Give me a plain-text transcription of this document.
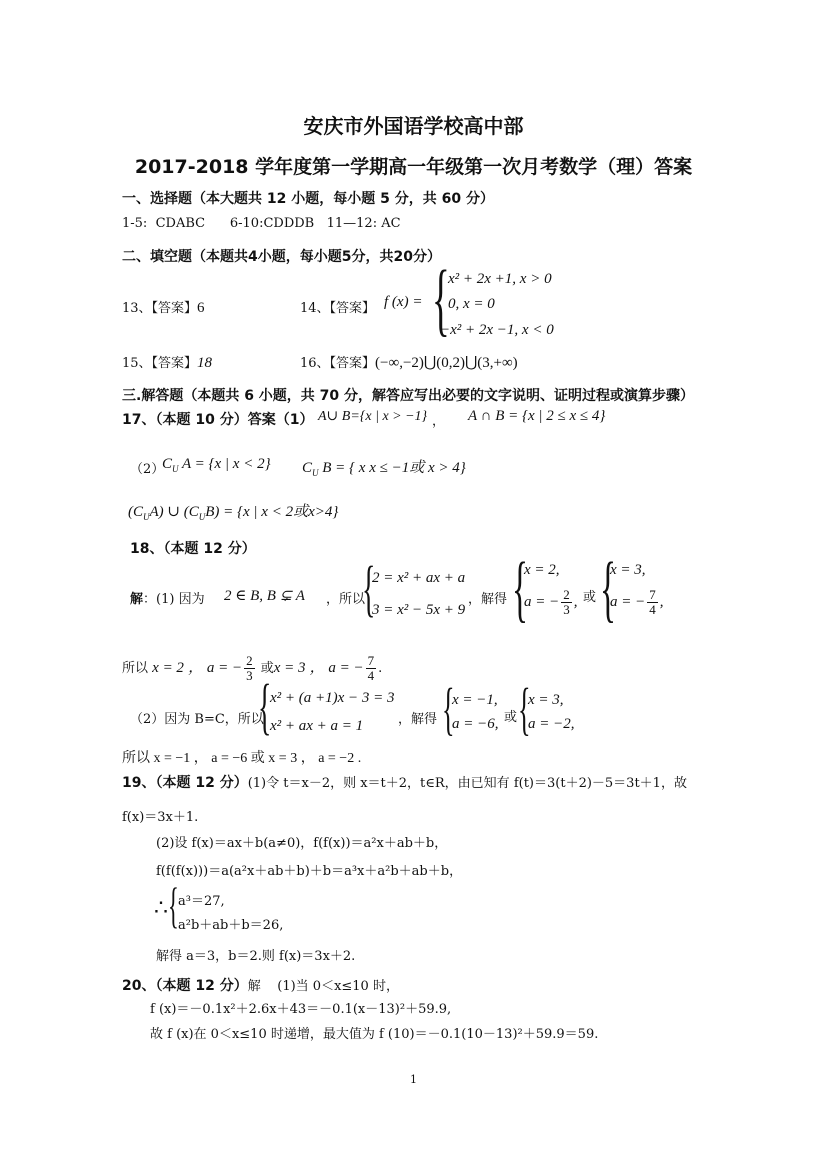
安庆市外国语学校高中部
2017-2018 学年度第一学期高一年级第一次月考数学（理）答案
一、选择题（本大题共 12 小题，每小题 5 分，共 60 分）
1-5:  CDABC      6-10:CDDDB   11—12: AC
二、填空题（本题共4小题，每小题5分，共20分）
13、【答案】6	14、【答案】 f (x) = {
x² + 2x +1, x > 0
0, x = 0
−x² + 2x −1, x < 0
15、【答案】18	16、【答案】(−∞,−2)⋃(0,2)⋃(3,+∞)
三.解答题（本题共 6 小题，共 70 分，解答应写出必要的文字说明、证明过程或演算步骤）
17、（本题 10 分）答案（1） A∪ B={x | x > −1} ， A ∩ B = {x | 2 ≤ x ≤ 4}
（2）
$C_U$ A = {x | x < 2} $C_U$ B = { x x ≤ −1或 x > 4}
$(C_UA)$ ∪ $(C_UB) = \{x$ | x < 2或x>4}
18、（本题 12 分）
解：(1) 因为 2 ∈ B, B ⊊ A ，所以
{
2 = x² + ax + a
3 = x² − 5x + 9
，解得 {
x = 2,
a = − $\frac{2}{3}$ , 或 {
x = 3,
a = − $\frac{7}{4}$ ,
所以 x = 2 ， a = − $\frac{2}{3}$ 或x = 3 ， a = − $\frac{7}{4}$ .
（2）因为 B=C，所以
{
x² + (a +1)x − 3 = 3
x² + ax + a = 1	，解得 {
x = −1,
a = −6, 或 {
x = 3,
a = −2,
所以 x = −1 ， a = −6 或 x = 3 ， a = −2 .
19、（本题 12 分）(1)令 t＝x－2，则 x＝t＋2，t∈R，由已知有 f(t)＝3(t＋2)－5＝3t＋1，故
f(x)＝3x＋1.
(2)设 f(x)＝ax＋b(a≠0)，f(f(x))＝a²x＋ab＋b，
f(f(f(x)))＝a(a²x＋ab＋b)＋b＝a³x＋a²b＋ab＋b，
∴ { a³＝27,
a²b＋ab＋b＝26,
解得 a＝3，b＝2.则 f(x)＝3x＋2.
20、（本题 12 分）解    (1)当 0＜x≤10 时，
f (x)＝－0.1x²＋2.6x＋43＝－0.1(x－13)²＋59.9,
故 f (x)在 0＜x≤10 时递增，最大值为 f (10)＝－0.1(10－13)²＋59.9＝59.
1
